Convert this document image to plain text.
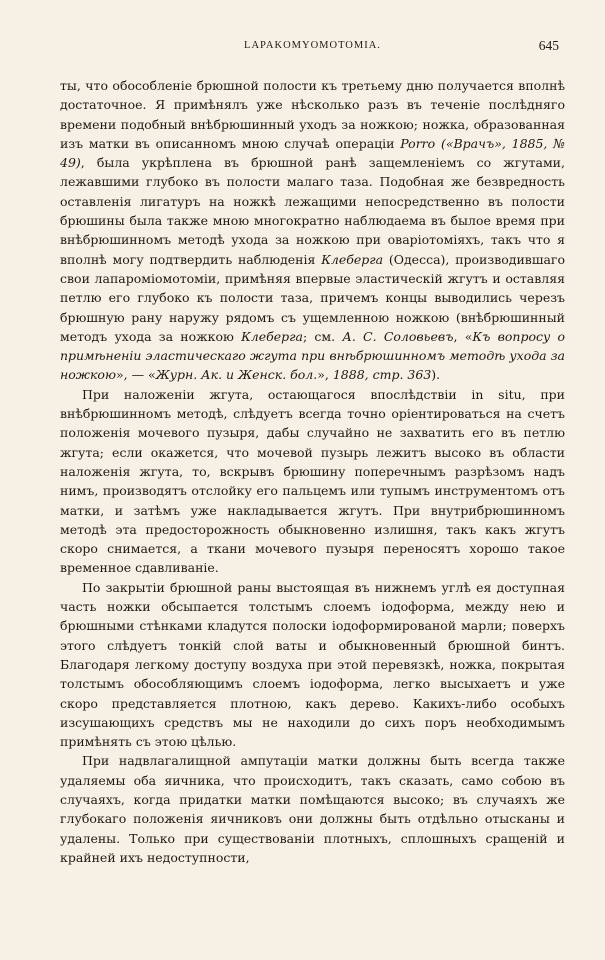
LAPAKOMYOMOTOMIA.	645

ты, что обособленіе брюшной полости къ третьему дню получается вполнѣ достаточное. Я примѣнялъ уже нѣсколько разъ въ теченіе послѣдняго времени подобный внѣбрюшинный уходъ за ножкою; ножка, образованная изъ матки въ описанномъ мною случаѣ операціи Porro («Врачъ», 1885, № 49), была укрѣплена въ брюшной ранѣ защемленіемъ со жгутами, лежавшими глубоко въ полости малаго таза. Подобная же безвредность оставленія лигатуръ на ножкѣ лежащими непосредственно въ полости брюшины была также мною многократно наблюдаема въ былое время при внѣбрюшинномъ методѣ ухода за ножкою при оваріотоміяхъ, такъ что я вполнѣ могу подтвердить наблюденія Клеберга (Одесса), производившаго свои лапаромiомотоміи, примѣняя впервые эластическій жгутъ и оставляя петлю его глубоко къ полости таза, причемъ концы выводились черезъ брюшную рану наружу рядомъ съ ущемленною ножкою (внѣбрюшинный методъ ухода за ножкою Клеберга; см. А. С. Соловьевъ, «Къ вопросу о примѣненіи эластическаго жгута при внѣбрюшинномъ методѣ ухода за ножкою», — «Журн. Ак. и Женск. бол.», 1888, стр. 363).

При наложеніи жгута, остающагося впослѣдствіи in situ, при внѣбрюшинномъ методѣ, слѣдуетъ всегда точно оріентироваться на счетъ положенія мочевого пузыря, дабы случайно не захватить его въ петлю жгута; если окажется, что мочевой пузырь лежитъ высоко въ области наложенія жгута, то, вскрывъ брюшину поперечнымъ разрѣзомъ надъ нимъ, производятъ отслойку его пальцемъ или тупымъ инструментомъ отъ матки, и затѣмъ уже накладывается жгутъ. При внутрибрюшинномъ методѣ эта предосторожность обыкновенно излишня, такъ какъ жгутъ скоро снимается, а ткани мочевого пузыря переносятъ хорошо такое временное сдавливаніе.

По закрытіи брюшной раны выстоящая въ нижнемъ углѣ ея доступная часть ножки обсыпается толстымъ слоемъ іодоформа, между нею и брюшными стѣнками кладутся полоски іодоформированой марли; поверхъ этого слѣдуетъ тонкій слой ваты и обыкновенный брюшной бинтъ. Благодаря легкому доступу воздуха при этой перевязкѣ, ножка, покрытая толстымъ обособляющимъ слоемъ іодоформа, легко высыхаетъ и уже скоро представляется плотною, какъ дерево. Какихъ-либо особыхъ изсушающихъ средствъ мы не находили до сихъ поръ необходимымъ примѣнять съ этою цѣлью.

При надвлагалищной ампутаціи матки должны быть всегда также удаляемы оба яичника, что происходитъ, такъ сказать, само собою въ случаяхъ, когда придатки матки помѣщаются высоко; въ случаяхъ же глубокаго положенія яичниковъ они должны быть отдѣльно отысканы и удалены. Только при существованіи плотныхъ, сплошныхъ сращеній и крайней ихъ недоступности,
